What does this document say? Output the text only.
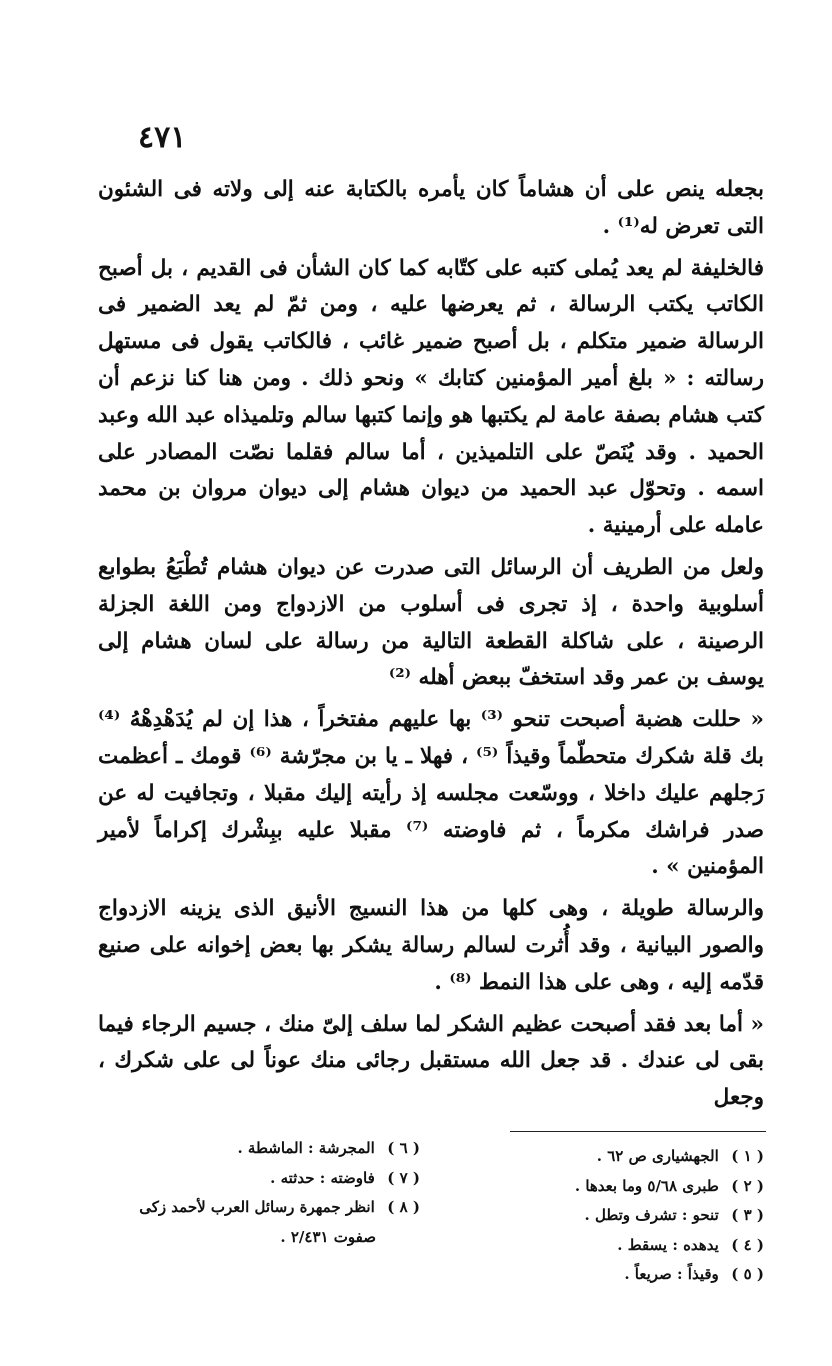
٤٧١

بجعله ينص على أن هشاماً كان يأمره بالكتابة عنه إلى ولاته فى الشئون التى تعرض له⁽¹⁾ .

فالخليفة لم يعد يُملى كتبه على كتّابه كما كان الشأن فى القديم ، بل أصبح الكاتب يكتب الرسالة ، ثم يعرضها عليه ، ومن ثمّ لم يعد الضمير فى الرسالة ضمير متكلم ، بل أصبح ضمير غائب ، فالكاتب يقول فى مستهل رسالته : « بلغ أمير المؤمنين كتابك » ونحو ذلك . ومن هنا كنا نزعم أن كتب هشام بصفة عامة لم يكتبها هو وإنما كتبها سالم وتلميذاه عبد الله وعبد الحميد . وقد يُنَصّ على التلميذين ، أما سالم فقلما نصّت المصادر على اسمه . وتحوّل عبد الحميد من ديوان هشام إلى ديوان مروان بن محمد عامله على أرمينية .

ولعل من الطريف أن الرسائل التى صدرت عن ديوان هشام تُطْبَعُ بطوابع أسلوبية واحدة ، إذ تجرى فى أسلوب من الازدواج ومن اللغة الجزلة الرصينة ، على شاكلة القطعة التالية من رسالة على لسان هشام إلى يوسف بن عمر وقد استخفّ ببعض أهله ⁽²⁾

« حللت هضبة أصبحت تنحو ⁽³⁾ بها عليهم مفتخراً ، هذا إن لم يُدَهْدِهْهُ ⁽⁴⁾ بك قلة شكرك متحطّماً وقيذاً ⁽⁵⁾ ، فهلا ـ يا بن مجرّشة ⁽⁶⁾ قومك ـ أعظمت رَجلهم عليك داخلا ، ووسّعت مجلسه إذ رأيته إليك مقبلا ، وتجافيت له عن صدر فراشك مكرماً ، ثم فاوضته ⁽⁷⁾ مقبلا عليه ببِشْرك إكراماً لأمير المؤمنين » .

والرسالة طويلة ، وهى كلها من هذا النسيج الأنيق الذى يزينه الازدواج والصور البيانية ، وقد أُثرت لسالم رسالة يشكر بها بعض إخوانه على صنيع قدّمه إليه ، وهى على هذا النمط ⁽⁸⁾ .

« أما بعد فقد أصبحت عظيم الشكر لما سلف إلىّ منك ، جسيم الرجاء فيما بقى لى عندك . قد جعل الله مستقبل رجائى منك عوناً لى على شكرك ، وجعل

( ١ ) الجهشيارى ص ٦٢ .
( ٢ ) طبرى ٥/٦٨ وما بعدها .
( ٣ ) تنحو : تشرف وتطل .
( ٤ ) يدهده : يسقط .
( ٥ ) وقيذاً : صريعاً .
( ٦ ) المجرشة : الماشطة .
( ٧ ) فاوضته : حدثته .
( ٨ ) انظر جمهرة رسائل العرب لأحمد زكى
صفوت ٢/٤٣١ .
